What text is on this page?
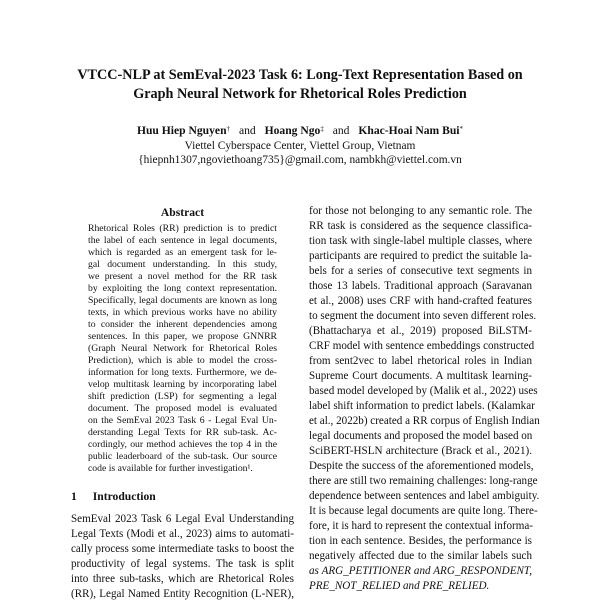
VTCC-NLP at SemEval-2023 Task 6: Long-Text Representation Based on
Graph Neural Network for Rhetorical Roles Prediction
Huu Hiep Nguyen† and Hoang Ngo‡ and Khac-Hoai Nam Bui*
Viettel Cyberspace Center, Viettel Group, Vietnam
{hiepnh1307,ngoviethoang735}@gmail.com, nambkh@viettel.com.vn
Abstract
Rhetorical Roles (RR) prediction is to predict
the label of each sentence in legal documents,
which is regarded as an emergent task for le-
gal document understanding. In this study,
we present a novel method for the RR task
by exploiting the long context representation.
Specifically, legal documents are known as long
texts, in which previous works have no ability
to consider the inherent dependencies among
sentences. In this paper, we propose GNNRR
(Graph Neural Network for Rhetorical Roles
Prediction), which is able to model the cross-
information for long texts. Furthermore, we de-
velop multitask learning by incorporating label
shift prediction (LSP) for segmenting a legal
document. The proposed model is evaluated
on the SemEval 2023 Task 6 - Legal Eval Un-
derstanding Legal Texts for RR sub-task. Ac-
cordingly, our method achieves the top 4 in the
public leaderboard of the sub-task. Our source
code is available for further investigation¹.
1 Introduction
SemEval 2023 Task 6 Legal Eval Understanding
Legal Texts (Modi et al., 2023) aims to automati-
cally process some intermediate tasks to boost the
productivity of legal systems. The task is split
into three sub-tasks, which are Rhetorical Roles
(RR), Legal Named Entity Recognition (L-NER),
for those not belonging to any semantic role. The
RR task is considered as the sequence classifica-
tion task with single-label multiple classes, where
participants are required to predict the suitable la-
bels for a series of consecutive text segments in
those 13 labels. Traditional approach (Saravanan
et al., 2008) uses CRF with hand-crafted features
to segment the document into seven different roles.
(Bhattacharya et al., 2019) proposed BiLSTM-
CRF model with sentence embeddings constructed
from sent2vec to label rhetorical roles in Indian
Supreme Court documents. A multitask learning-
based model developed by (Malik et al., 2022) uses
label shift information to predict labels. (Kalamkar
et al., 2022b) created a RR corpus of English Indian
legal documents and proposed the model based on
SciBERT-HSLN architecture (Brack et al., 2021).
Despite the success of the aforementioned models,
there are still two remaining challenges: long-range
dependence between sentences and label ambiguity.
It is because legal documents are quite long. There-
fore, it is hard to represent the contextual informa-
tion in each sentence. Besides, the performance is
negatively affected due to the similar labels such
as ARG_PETITIONER and ARG_RESPONDENT,
PRE_NOT_RELIED and PRE_RELIED.
